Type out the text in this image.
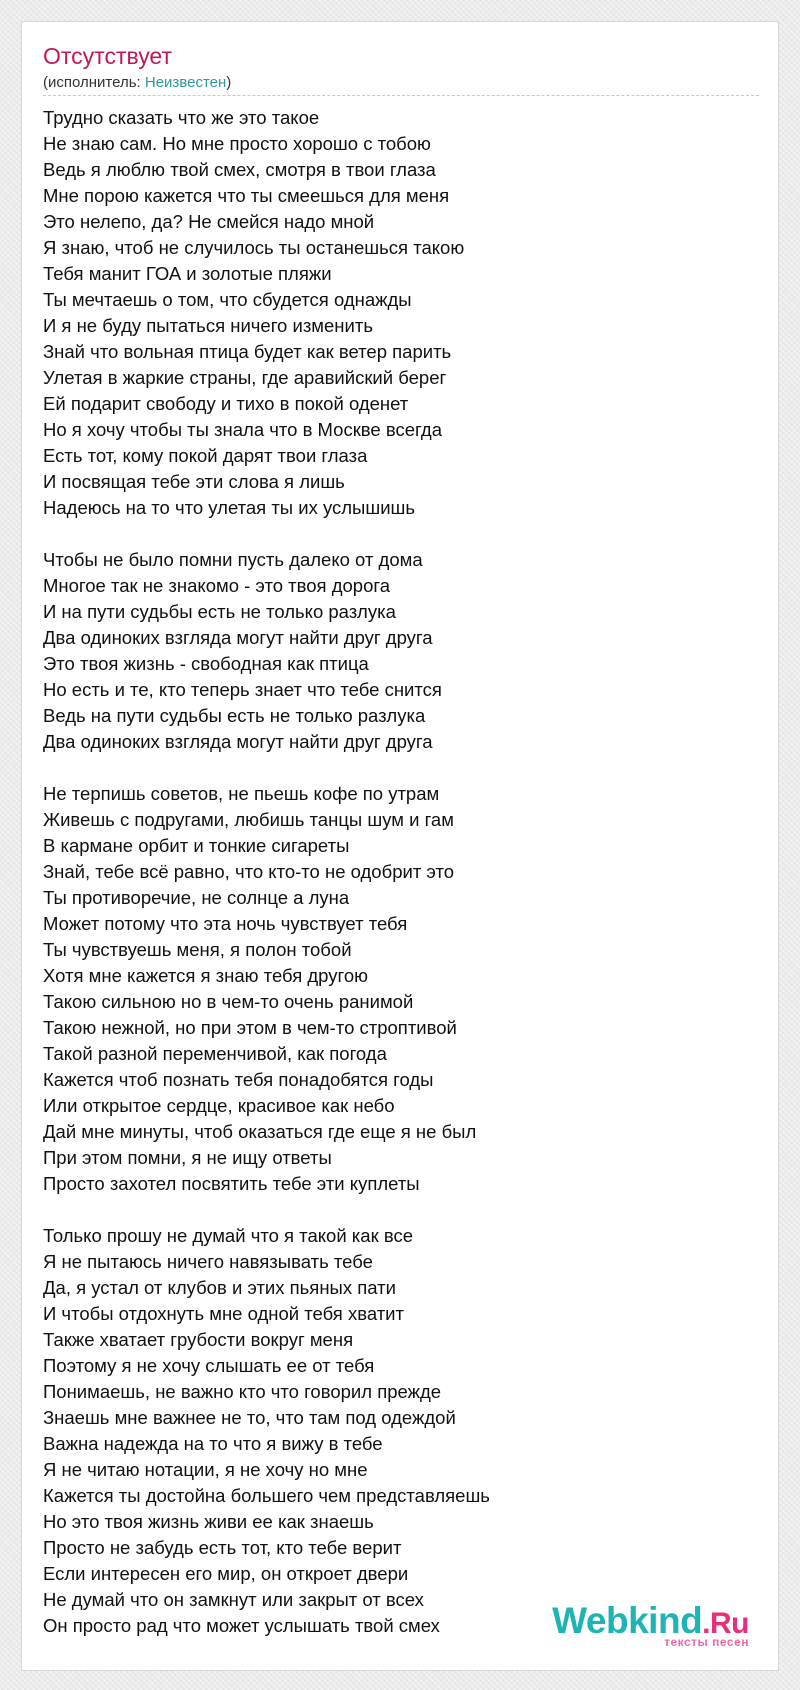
Отсутствует
(исполнитель: Неизвестен)
Трудно сказать что же это такое
Не знаю сам. Но мне просто хорошо с тобою
Ведь я люблю твой смех, смотря в твои глаза
Мне порою кажется что ты смеешься для меня
Это нелепо, да? Не смейся надо мной
Я знаю, чтоб не случилось ты останешься такою
Тебя манит ГОА и золотые пляжи
Ты мечтаешь о том, что сбудется однажды
И я не буду пытаться ничего изменить
Знай что вольная птица будет как ветер парить
Улетая в жаркие страны, где аравийский берег
Ей подарит свободу и тихо в покой оденет
Но я хочу чтобы ты знала что в Москве всегда
Есть тот, кому покой дарят твои глаза
И посвящая тебе эти слова я лишь
Надеюсь на то что улетая ты их услышишь
Чтобы не было помни пусть далеко от дома
Многое так не знакомо - это твоя дорога
И на пути судьбы есть не только разлука
Два одиноких взгляда могут найти друг друга
Это твоя жизнь - свободная как птица
Но есть и те, кто теперь знает что тебе снится
Ведь на пути судьбы есть не только разлука
Два одиноких взгляда могут найти друг друга
Не терпишь советов, не пьешь кофе по утрам
Живешь с подругами, любишь танцы шум и гам
В кармане орбит и тонкие сигареты
Знай, тебе всё равно, что кто-то не одобрит это
Ты противоречие, не солнце а луна
Может потому что эта ночь чувствует тебя
Ты чувствуешь меня, я полон тобой
Хотя мне кажется я знаю тебя другою
Такою сильною но в чем-то очень ранимой
Такою нежной, но при этом в чем-то строптивой
Такой разной переменчивой, как погода
Кажется чтоб познать тебя понадобятся годы
Или открытое сердце, красивое как небо
Дай мне минуты, чтоб оказаться где еще я не был
При этом помни, я не ищу ответы
Просто захотел посвятить тебе эти куплеты
Только прошу не думай что я такой как все
Я не пытаюсь ничего навязывать тебе
Да, я устал от клубов и этих пьяных пати
И чтобы отдохнуть мне одной тебя хватит
Также хватает грубости вокруг меня
Поэтому я не хочу слышать ее от тебя
Понимаешь, не важно кто что говорил прежде
Знаешь мне важнее не то, что там под одеждой
Важна надежда на то что я вижу в тебе
Я не читаю нотации, я не хочу но мне
Кажется ты достойна большего чем представляешь
Но это твоя жизнь живи ее как знаешь
Просто не забудь есть тот, кто тебе верит
Если интересен его мир, он откроет двери
Не думай что он замкнут или закрыт от всех
Он просто рад что может услышать твой смех	Webkind.Ru
тексты песен
